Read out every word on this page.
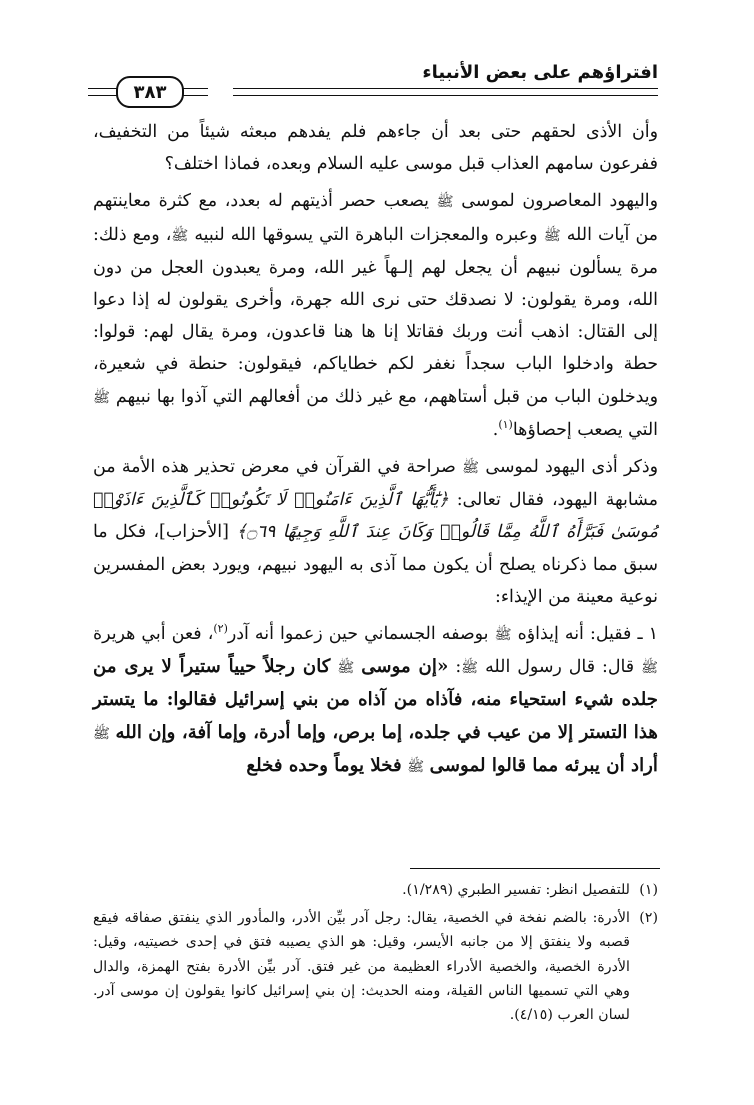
افتراؤهم على بعض الأنبياء
٣٨٣

وأن الأذى لحقهم حتى بعد أن جاءهم فلم يفدهم مبعثه شيئاً من التخفيف، ففرعون سامهم العذاب قبل موسى عليه السلام وبعده، فماذا اختلف؟

واليهود المعاصرون لموسى ﷺ يصعب حصر أذيتهم له بعدد، مع كثرة معاينتهم من آيات الله ﷺ وعبره والمعجزات الباهرة التي يسوقها الله لنبيه ﷺ، ومع ذلك: مرة يسألون نبيهم أن يجعل لهم إلـهاً غير الله، ومرة يعبدون العجل من دون الله، ومرة يقولون: لا نصدقك حتى نرى الله جهرة، وأخرى يقولون له إذا دعوا إلى القتال: اذهب أنت وربك فقاتلا إنا ها هنا قاعدون، ومرة يقال لهم: قولوا: حطة وادخلوا الباب سجداً نغفر لكم خطاياكم، فيقولون: حنطة في شعيرة، ويدخلون الباب من قبل أستاههم، مع غير ذلك من أفعالهم التي آذوا بها نبيهم ﷺ التي يصعب إحصاؤها$^{(١)}$.

وذكر أذى اليهود لموسى ﷺ صراحة في القرآن في معرض تحذير هذه الأمة من مشابهة اليهود، فقال تعالى: ﴿يَٰٓأَيُّهَا ٱلَّذِينَ ءَامَنُوا۟ لَا تَكُونُوا۟ كَٱلَّذِينَ ءَاذَوْا۟ مُوسَىٰ فَبَرَّأَهُ ٱللَّهُ مِمَّا قَالُوا۟ وَكَانَ عِندَ ٱللَّهِ وَجِيهًا ۝٦٩﴾ [الأحزاب]، فكل ما سبق مما ذكرناه يصلح أن يكون مما آذى به اليهود نبيهم، ويورد بعض المفسرين نوعية معينة من الإيذاء:

١ ـ فقيل: أنه إيذاؤه ﷺ بوصفه الجسماني حين زعموا أنه آدر$^{(٢)}$، فعن أبي هريرة ﷺ قال: قال رسول الله ﷺ: «إن موسى ﷺ كان رجلاً حيياً ستيراً لا يرى من جلده شيء استحياء منه، فآذاه من آذاه من بني إسرائيل فقالوا: ما يتستر هذا التستر إلا من عيب في جلده، إما برص، وإما أدرة، وإما آفة، وإن الله ﷺ أراد أن يبرئه مما قالوا لموسى ﷺ فخلا يوماً وحده فخلع

(١)
للتفصيل انظر: تفسير الطبري (١/٢٨٩).
(٢)
الأدرة: بالضم نفخة في الخصية، يقال: رجل آدر بيِّن الأدر، والمأدور الذي ينفتق صفاقه فيقع قصبه ولا ينفتق إلا من جانبه الأيسر، وقيل: هو الذي يصيبه فتق في إحدى خصيتيه، وقيل: الأدرة الخصية، والخصية الأدراء العظيمة من غير فتق. آدر بيِّن الأدرة بفتح الهمزة، والدال وهي التي تسميها الناس القيلة، ومنه الحديث: إن بني إسرائيل كانوا يقولون إن موسى آدر. لسان العرب (٤/١٥).
